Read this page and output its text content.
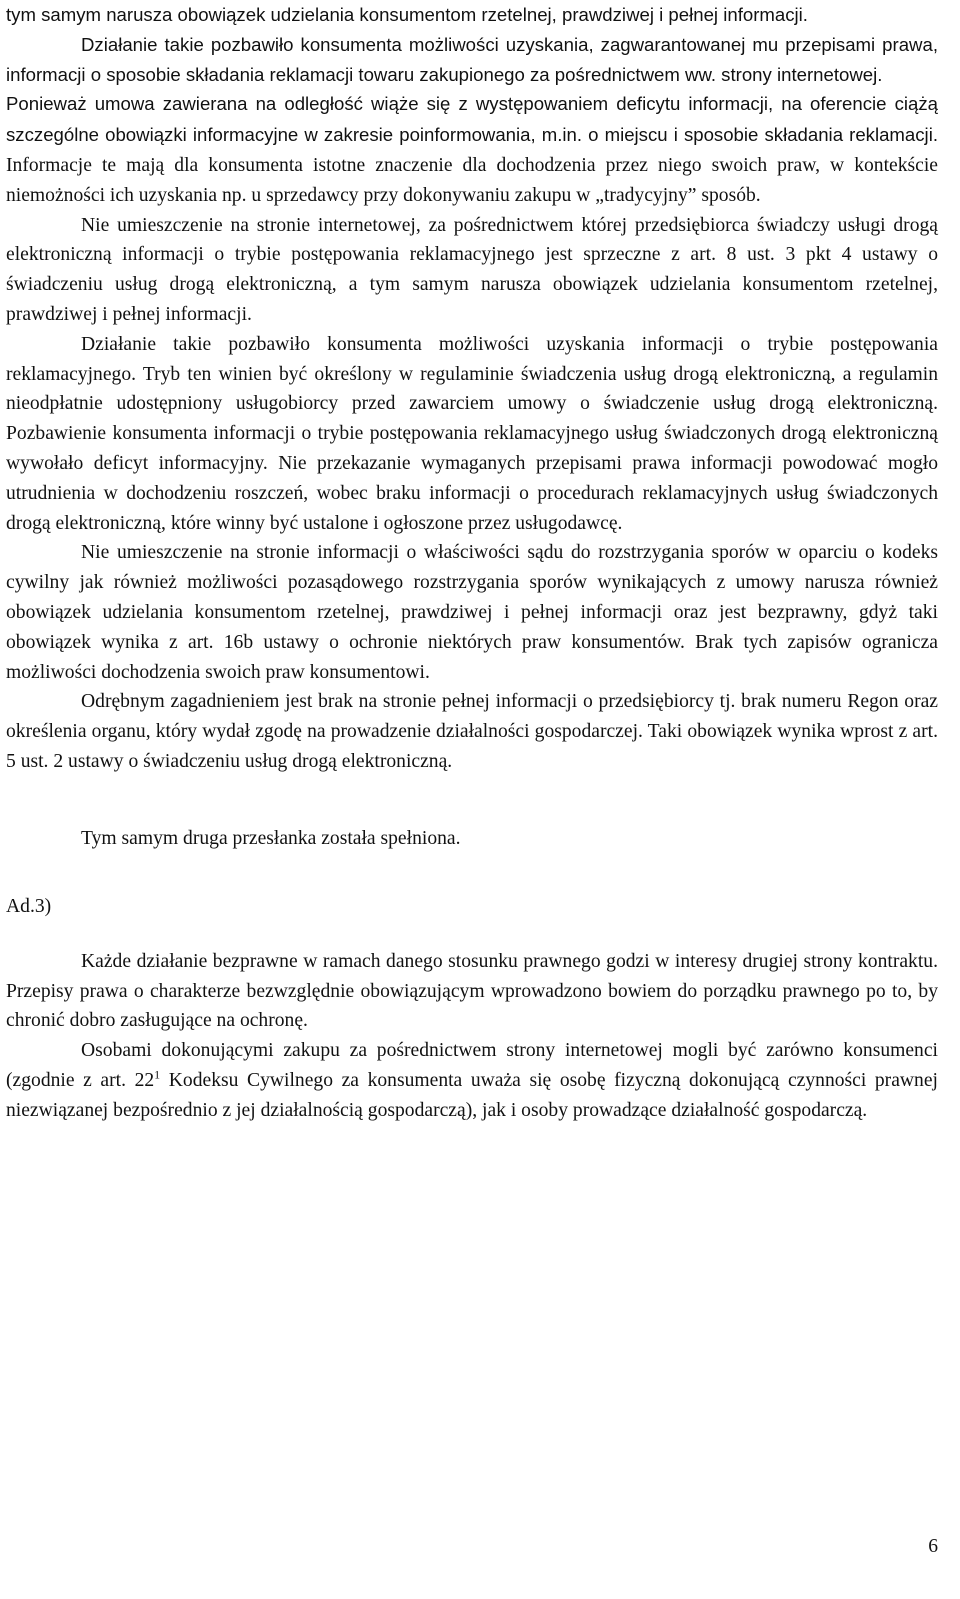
tym samym narusza obowiązek udzielania konsumentom rzetelnej, prawdziwej i pełnej informacji.

Działanie takie pozbawiło konsumenta możliwości uzyskania, zagwarantowanej mu przepisami prawa, informacji o sposobie składania reklamacji towaru zakupionego za pośrednictwem ww. strony internetowej.

Ponieważ umowa zawierana na odległość wiąże się z występowaniem deficytu informacji, na oferencie ciążą szczególne obowiązki informacyjne w zakresie poinformowania, m.in. o miejscu i sposobie składania reklamacji. Informacje te mają dla konsumenta istotne znaczenie dla dochodzenia przez niego swoich praw, w kontekście niemożności ich uzyskania np. u sprzedawcy przy dokonywaniu zakupu w „tradycyjny” sposób.

Nie umieszczenie na stronie internetowej, za pośrednictwem której przedsiębiorca świadczy usługi drogą elektroniczną informacji o trybie postępowania reklamacyjnego jest sprzeczne z art. 8 ust. 3 pkt 4 ustawy o świadczeniu usług drogą elektroniczną, a tym samym narusza obowiązek udzielania konsumentom rzetelnej, prawdziwej i pełnej informacji.

Działanie takie pozbawiło konsumenta możliwości uzyskania informacji o trybie postępowania reklamacyjnego. Tryb ten winien być określony w regulaminie świadczenia usług drogą elektroniczną, a regulamin nieodpłatnie udostępniony usługobiorcy przed zawarciem umowy o świadczenie usług drogą elektroniczną. Pozbawienie konsumenta informacji o trybie postępowania reklamacyjnego usług świadczonych drogą elektroniczną wywołało deficyt informacyjny. Nie przekazanie wymaganych przepisami prawa informacji powodować mogło utrudnienia w dochodzeniu roszczeń, wobec braku informacji o procedurach reklamacyjnych usług świadczonych drogą elektroniczną, które winny być ustalone i ogłoszone przez usługodawcę.

Nie umieszczenie na stronie informacji o właściwości sądu do rozstrzygania sporów w oparciu o kodeks cywilny jak również możliwości pozasądowego rozstrzygania sporów wynikających z umowy narusza również obowiązek udzielania konsumentom rzetelnej, prawdziwej i pełnej informacji oraz jest bezprawny, gdyż taki obowiązek wynika z art. 16b ustawy o ochronie niektórych praw konsumentów. Brak tych zapisów ogranicza możliwości dochodzenia swoich praw konsumentowi.

Odrębnym zagadnieniem jest brak na stronie pełnej informacji o przedsiębiorcy tj. brak numeru Regon oraz określenia organu, który wydał zgodę na prowadzenie działalności gospodarczej. Taki obowiązek wynika wprost z art. 5 ust. 2 ustawy o świadczeniu usług drogą elektroniczną.

Tym samym druga przesłanka została spełniona.
Ad.3)

Każde działanie bezprawne w ramach danego stosunku prawnego godzi w interesy drugiej strony kontraktu. Przepisy prawa o charakterze bezwzględnie obowiązującym wprowadzono bowiem do porządku prawnego po to, by chronić dobro zasługujące na ochronę.

Osobami dokonującymi zakupu za pośrednictwem strony internetowej mogli być zarówno konsumenci (zgodnie z art. $22^1$ Kodeksu Cywilnego za konsumenta uważa się osobę fizyczną dokonującą czynności prawnej niezwiązanej bezpośrednio z jej działalnością gospodarczą), jak i osoby prowadzące działalność gospodarczą.

6
